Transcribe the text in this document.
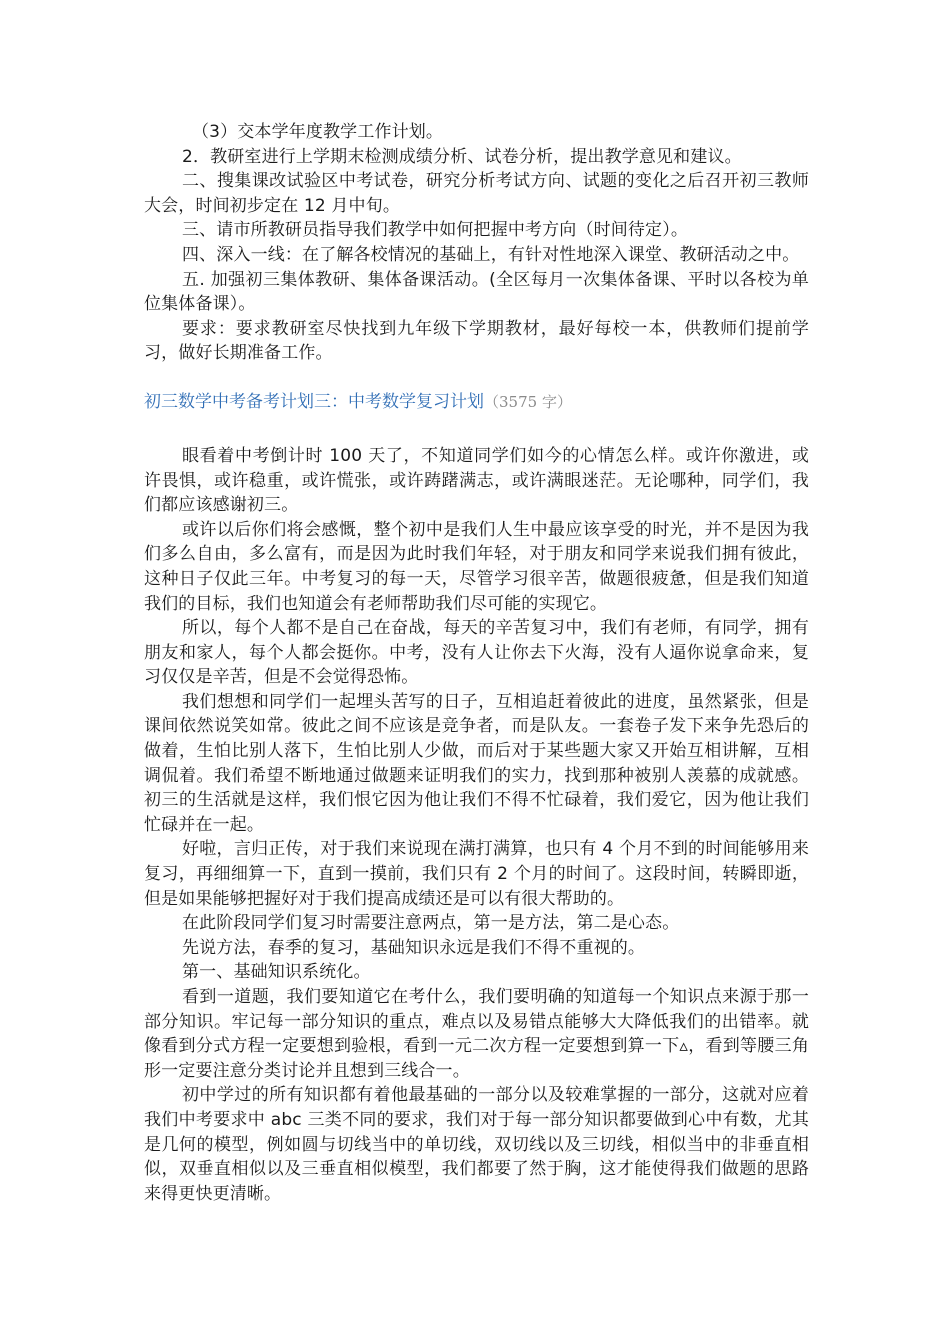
（3）交本学年度教学工作计划。

2．教研室进行上学期末检测成绩分析、试卷分析，提出教学意见和建议。

二、搜集课改试验区中考试卷，研究分析考试方向、试题的变化之后召开初三教师大会，时间初步定在 12 月中旬。

三、请市所教研员指导我们教学中如何把握中考方向（时间待定）。

四、深入一线：在了解各校情况的基础上，有针对性地深入课堂、教研活动之中。

五. 加强初三集体教研、集体备课活动。(全区每月一次集体备课、平时以各校为单位集体备课）。

要求：要求教研室尽快找到九年级下学期教材，最好每校一本，供教师们提前学习，做好长期准备工作。

初三数学中考备考计划三：中考数学复习计划（3575 字）

眼看着中考倒计时 100 天了，不知道同学们如今的心情怎么样。或许你激进，或许畏惧，或许稳重，或许慌张，或许踌躇满志，或许满眼迷茫。无论哪种，同学们，我们都应该感谢初三。

或许以后你们将会感慨，整个初中是我们人生中最应该享受的时光，并不是因为我们多么自由，多么富有，而是因为此时我们年轻，对于朋友和同学来说我们拥有彼此，这种日子仅此三年。中考复习的每一天，尽管学习很辛苦，做题很疲惫，但是我们知道我们的目标，我们也知道会有老师帮助我们尽可能的实现它。

所以，每个人都不是自己在奋战，每天的辛苦复习中，我们有老师，有同学，拥有朋友和家人，每个人都会挺你。中考，没有人让你去下火海，没有人逼你说拿命来，复习仅仅是辛苦，但是不会觉得恐怖。

我们想想和同学们一起埋头苦写的日子，互相追赶着彼此的进度，虽然紧张，但是课间依然说笑如常。彼此之间不应该是竞争者，而是队友。一套卷子发下来争先恐后的做着，生怕比别人落下，生怕比别人少做，而后对于某些题大家又开始互相讲解，互相调侃着。我们希望不断地通过做题来证明我们的实力，找到那种被别人羡慕的成就感。初三的生活就是这样，我们恨它因为他让我们不得不忙碌着，我们爱它，因为他让我们忙碌并在一起。

好啦，言归正传，对于我们来说现在满打满算，也只有 4 个月不到的时间能够用来复习，再细细算一下，直到一摸前，我们只有 2 个月的时间了。这段时间，转瞬即逝，但是如果能够把握好对于我们提高成绩还是可以有很大帮助的。

在此阶段同学们复习时需要注意两点，第一是方法，第二是心态。

先说方法，春季的复习，基础知识永远是我们不得不重视的。

第一、基础知识系统化。

看到一道题，我们要知道它在考什么，我们要明确的知道每一个知识点来源于那一部分知识。牢记每一部分知识的重点，难点以及易错点能够大大降低我们的出错率。就像看到分式方程一定要想到验根，看到一元二次方程一定要想到算一下▵，看到等腰三角形一定要注意分类讨论并且想到三线合一。

初中学过的所有知识都有着他最基础的一部分以及较难掌握的一部分，这就对应着我们中考要求中 abc 三类不同的要求，我们对于每一部分知识都要做到心中有数，尤其是几何的模型，例如圆与切线当中的单切线，双切线以及三切线，相似当中的非垂直相似，双垂直相似以及三垂直相似模型，我们都要了然于胸，这才能使得我们做题的思路来得更快更清晰。
